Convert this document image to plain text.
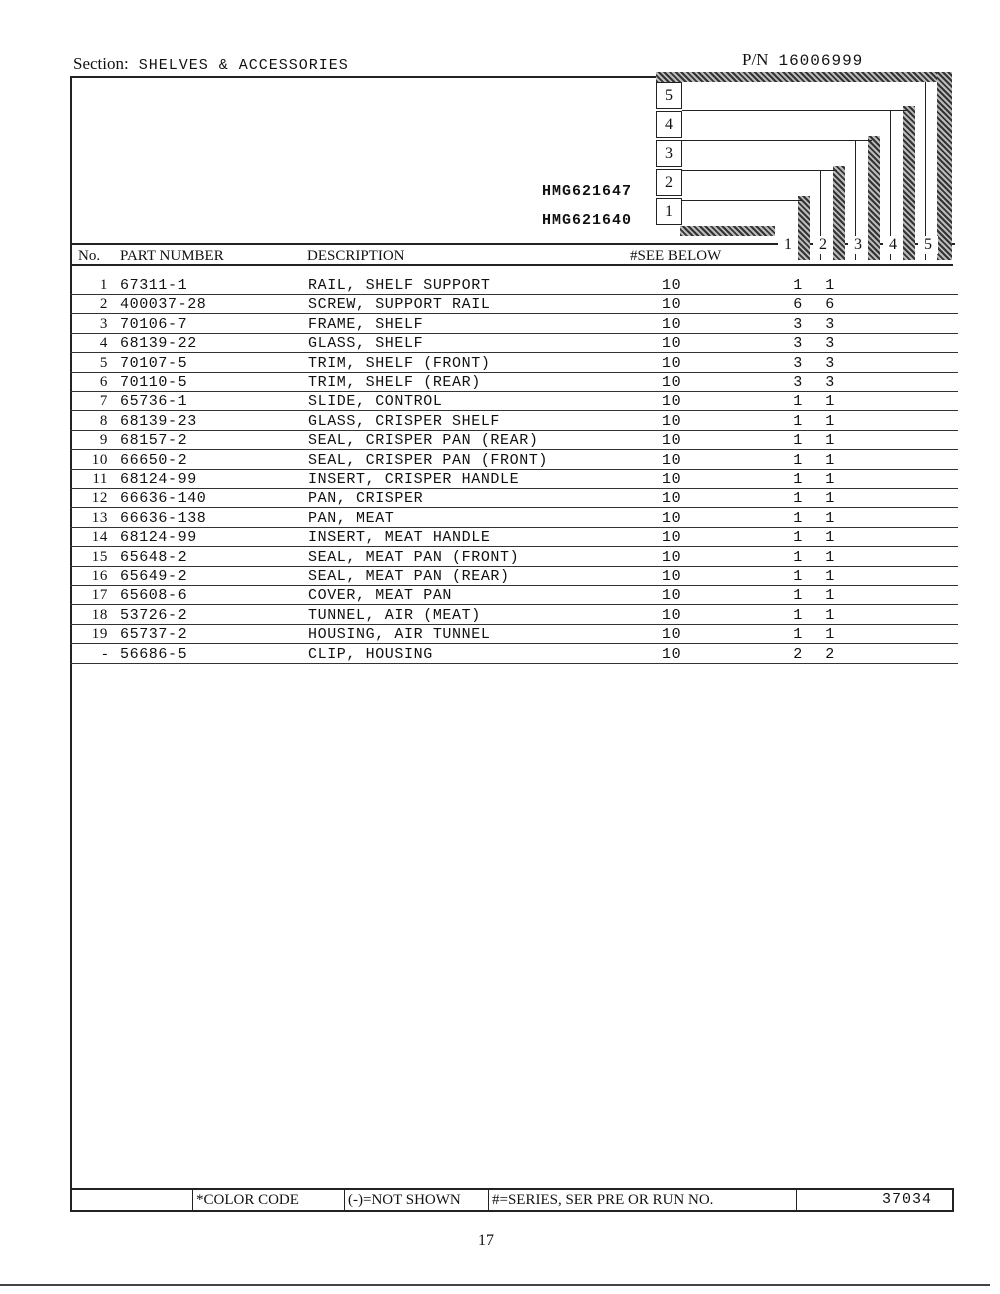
Section: SHELVES & ACCESSORIES	P/N 16006999
5
4
3
2
1
1	2	3	4	5
HMG621647
HMG621640
No. PART NUMBER	DESCRIPTION	#SEE BELOW
1 67311-1	RAIL, SHELF SUPPORT	10	1 1
2 400037-28	SCREW, SUPPORT RAIL	10	6 6
3 70106-7	FRAME, SHELF	10	3 3
4 68139-22	GLASS, SHELF	10	3 3
5 70107-5	TRIM, SHELF (FRONT)	10	3 3
6 70110-5	TRIM, SHELF (REAR)	10	3 3
7 65736-1	SLIDE, CONTROL	10	1 1
8 68139-23	GLASS, CRISPER SHELF	10	1 1
9 68157-2	SEAL, CRISPER PAN (REAR)	10	1 1
10 66650-2	SEAL, CRISPER PAN (FRONT)	10	1 1
11 68124-99	INSERT, CRISPER HANDLE	10	1 1
12 66636-140	PAN, CRISPER	10	1 1
13 66636-138	PAN, MEAT	10	1 1
14 68124-99	INSERT, MEAT HANDLE	10	1 1
15 65648-2	SEAL, MEAT PAN (FRONT)	10	1 1
16 65649-2	SEAL, MEAT PAN (REAR)	10	1 1
17 65608-6	COVER, MEAT PAN	10	1 1
18 53726-2	TUNNEL, AIR (MEAT)	10	1 1
19 65737-2	HOUSING, AIR TUNNEL	10	1 1
- 56686-5	CLIP, HOUSING	10	2 2
*COLOR CODE	(-)=NOT SHOWN #=SERIES, SER PRE OR RUN NO.	37034
17
